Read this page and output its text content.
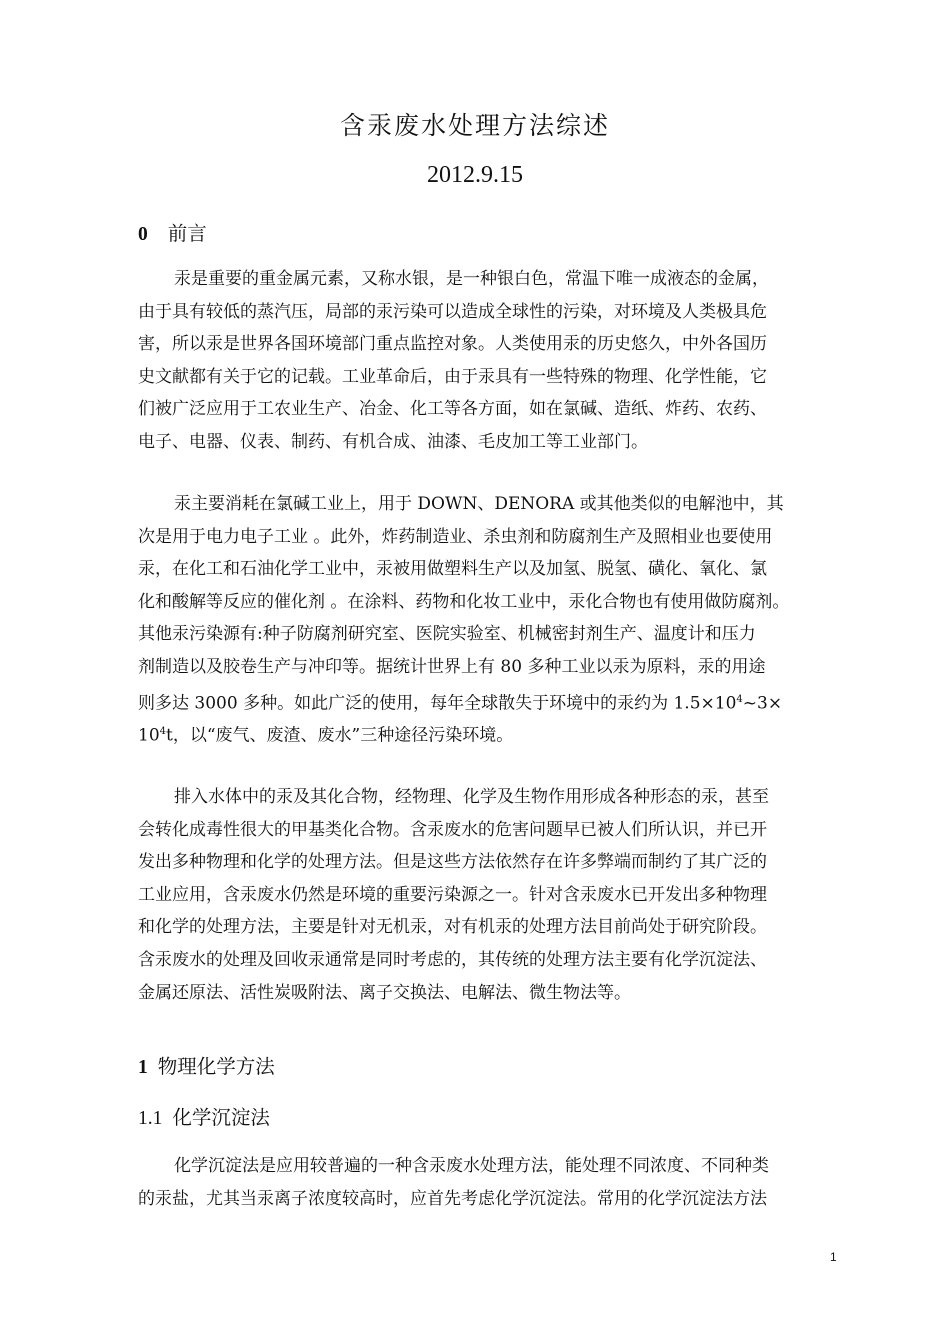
含汞废水处理方法综述
2012.9.15
0 前言
汞是重要的重金属元素，又称水银，是一种银白色，常温下唯一成液态的金属，
由于具有较低的蒸汽压，局部的汞污染可以造成全球性的污染，对环境及人类极具危
害，所以汞是世界各国环境部门重点监控对象。人类使用汞的历史悠久，中外各国历
史文献都有关于它的记载。工业革命后，由于汞具有一些特殊的物理、化学性能，它
们被广泛应用于工农业生产、冶金、化工等各方面，如在氯碱、造纸、炸药、农药、
电子、电器、仪表、制药、有机合成、油漆、毛皮加工等工业部门。
汞主要消耗在氯碱工业上，用于 DOWN、DENORA 或其他类似的电解池中，其
次是用于电力电子工业 。此外，炸药制造业、杀虫剂和防腐剂生产及照相业也要使用
汞，在化工和石油化学工业中，汞被用做塑料生产以及加氢、脱氢、磺化、氧化、氯
化和酸解等反应的催化剂 。在涂料、药物和化妆工业中，汞化合物也有使用做防腐剂。
其他汞污染源有:种子防腐剂研究室、医院实验室、机械密封剂生产、温度计和压力
剂制造以及胶卷生产与冲印等。据统计世界上有 80 多种工业以汞为原料，汞的用途
则多达 3000 多种。如此广泛的使用，每年全球散失于环境中的汞约为 $1.5\times 10^4\sim 3\times$
$10^4t$，以“废气、废渣、废水”三种途径污染环境。
排入水体中的汞及其化合物，经物理、化学及生物作用形成各种形态的汞，甚至
会转化成毒性很大的甲基类化合物。含汞废水的危害问题早已被人们所认识，并已开
发出多种物理和化学的处理方法。但是这些方法依然存在许多弊端而制约了其广泛的
工业应用，含汞废水仍然是环境的重要污染源之一。针对含汞废水已开发出多种物理
和化学的处理方法，主要是针对无机汞，对有机汞的处理方法目前尚处于研究阶段。
含汞废水的处理及回收汞通常是同时考虑的，其传统的处理方法主要有化学沉淀法、
金属还原法、活性炭吸附法、离子交换法、电解法、微生物法等。
1 物理化学方法
1.1 化学沉淀法
化学沉淀法是应用较普遍的一种含汞废水处理方法，能处理不同浓度、不同种类
的汞盐，尤其当汞离子浓度较高时，应首先考虑化学沉淀法。常用的化学沉淀法方法
1
